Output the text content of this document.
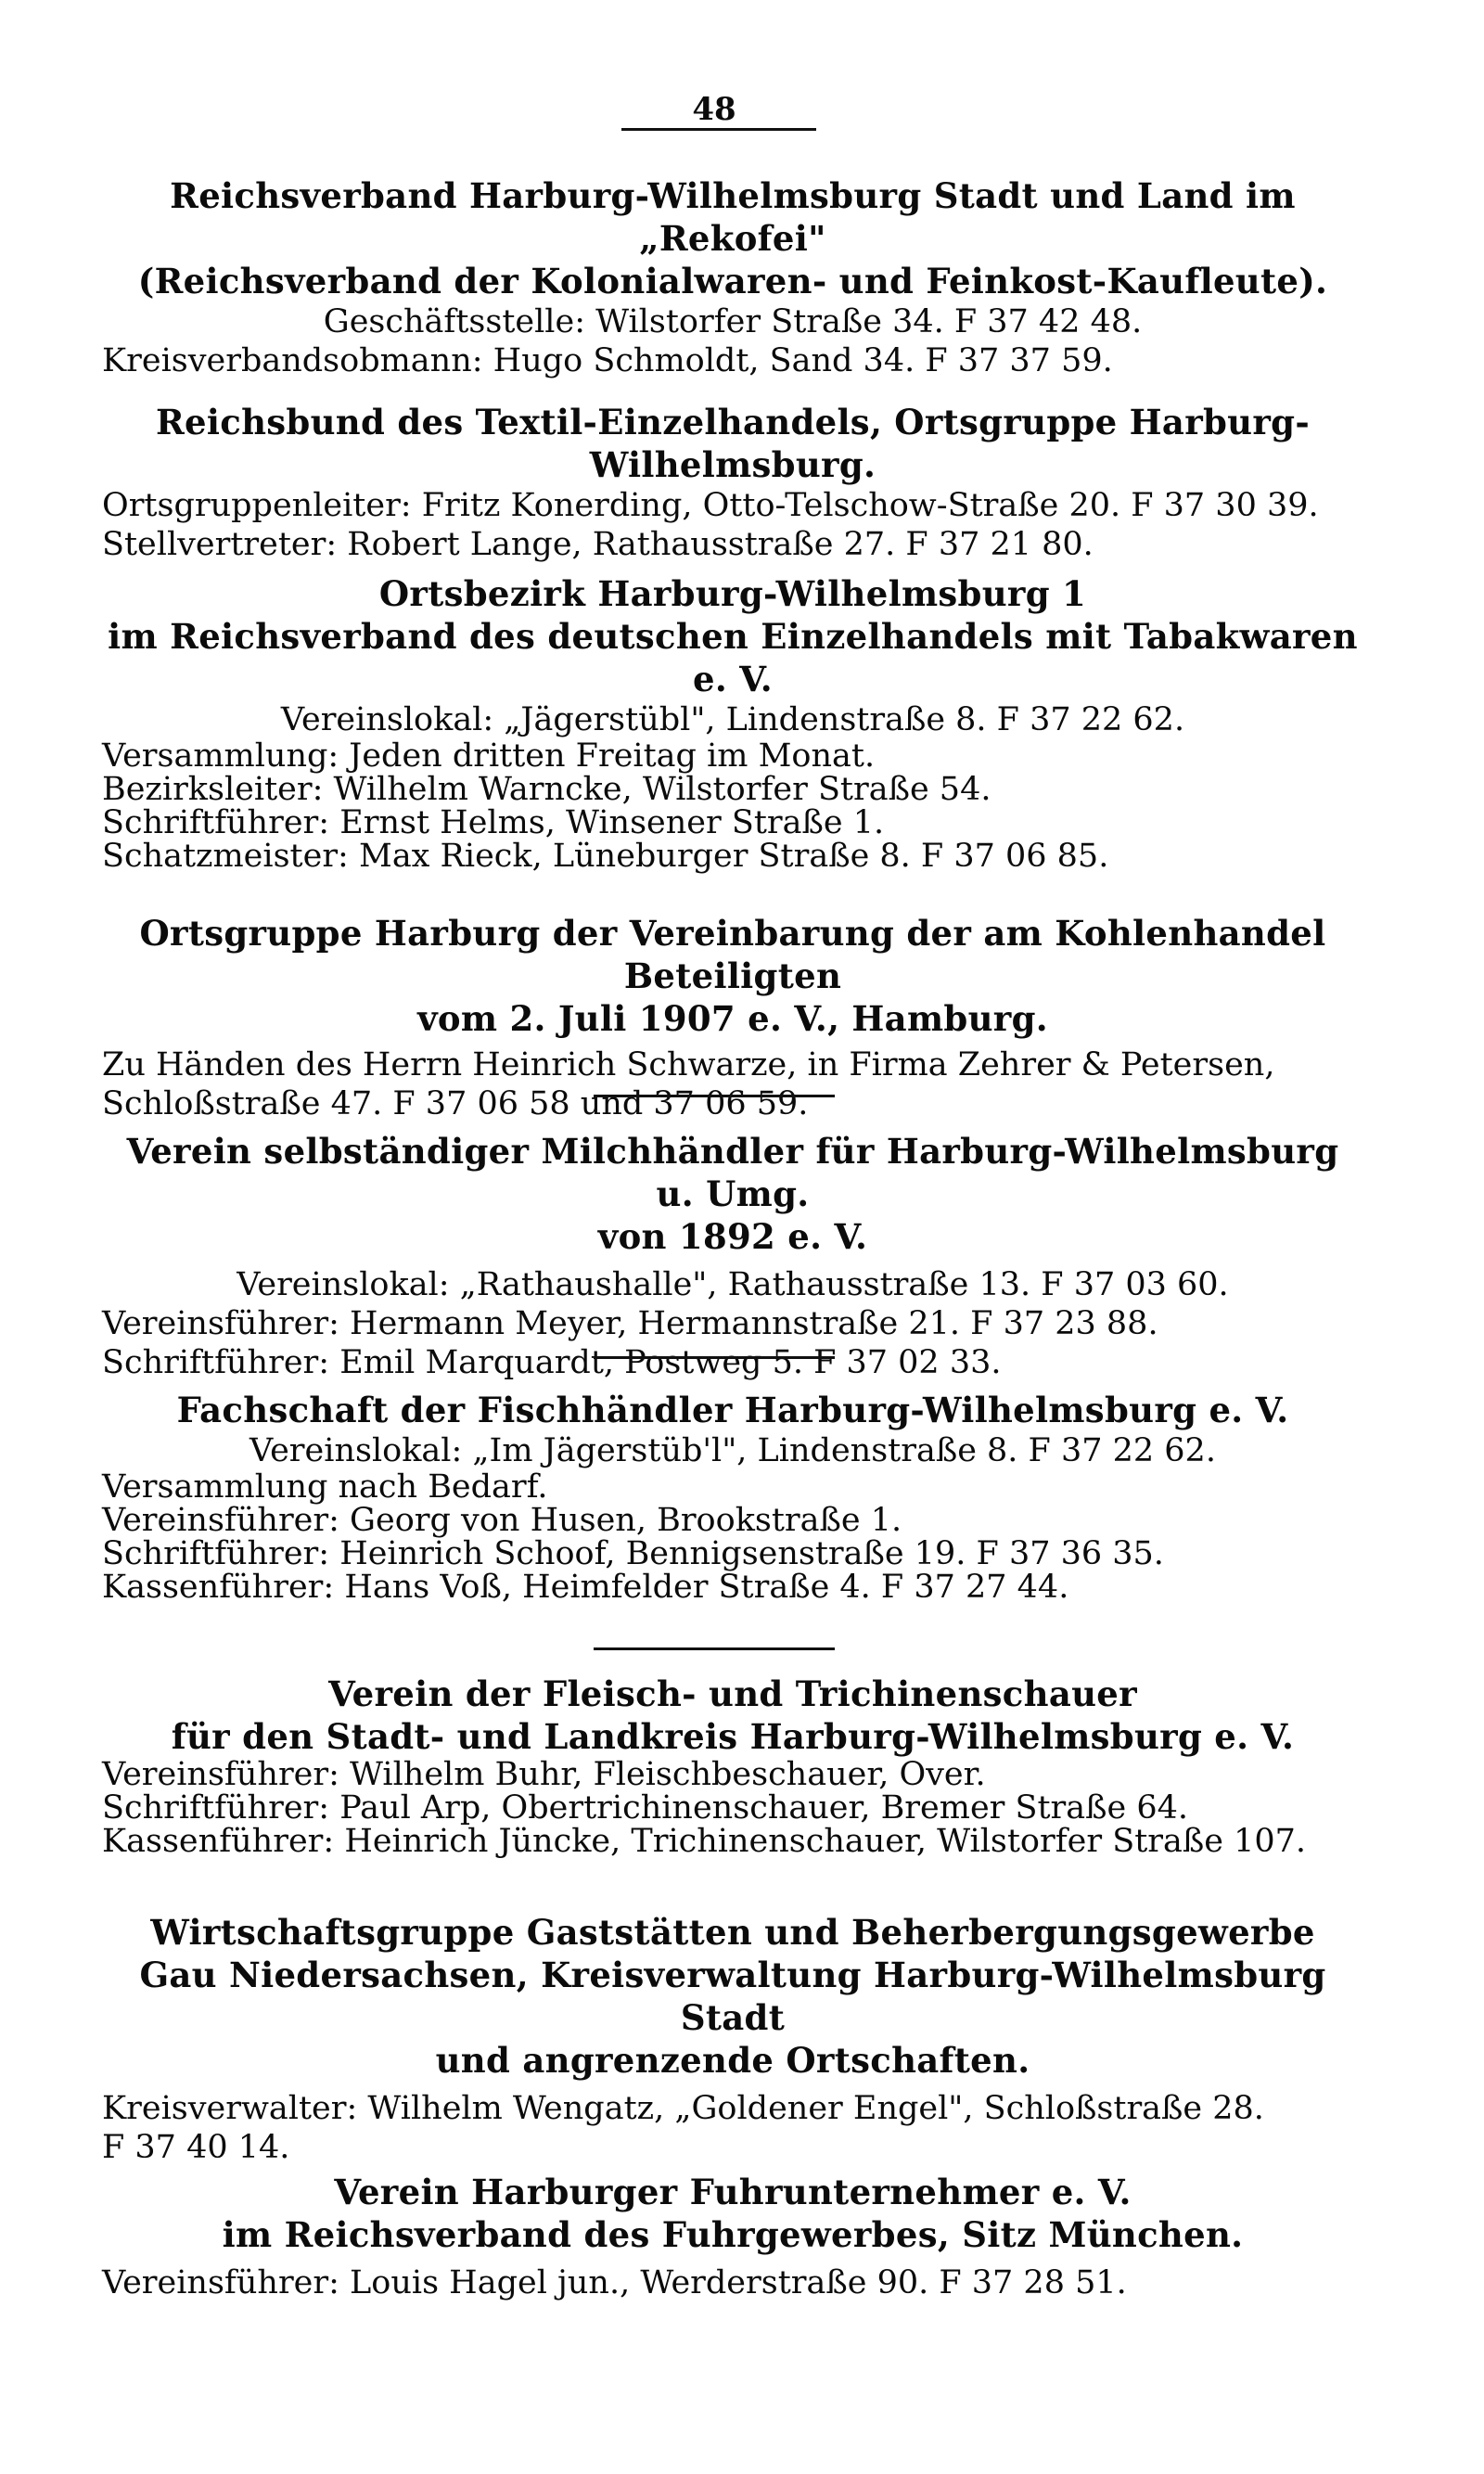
48
Reichsverband Harburg-Wilhelmsburg Stadt und Land im „Rekofei"
(Reichsverband der Kolonialwaren- und Feinkost-Kaufleute).
Geschäftsstelle: Wilstorfer Straße 34. F 37 42 48.
Kreisverbandsobmann: Hugo Schmoldt, Sand 34. F 37 37 59.
Reichsbund des Textil-Einzelhandels, Ortsgruppe Harburg-Wilhelmsburg.
Ortsgruppenleiter: Fritz Konerding, Otto-Telschow-Straße 20. F 37 30 39.
Stellvertreter: Robert Lange, Rathausstraße 27. F 37 21 80.
Ortsbezirk Harburg-Wilhelmsburg 1
im Reichsverband des deutschen Einzelhandels mit Tabakwaren e. V.
Vereinslokal: „Jägerstübl", Lindenstraße 8. F 37 22 62.
Versammlung: Jeden dritten Freitag im Monat.
Bezirksleiter: Wilhelm Warncke, Wilstorfer Straße 54.
Schriftführer: Ernst Helms, Winsener Straße 1.
Schatzmeister: Max Rieck, Lüneburger Straße 8. F 37 06 85.
Ortsgruppe Harburg der Vereinbarung der am Kohlenhandel Beteiligten
vom 2. Juli 1907 e. V., Hamburg.
Zu Händen des Herrn Heinrich Schwarze, in Firma Zehrer & Petersen,
Schloßstraße 47. F 37 06 58 und 37 06 59.
Verein selbständiger Milchhändler für Harburg-Wilhelmsburg u. Umg.
von 1892 e. V.
Vereinslokal: „Rathaushalle", Rathausstraße 13. F 37 03 60.
Vereinsführer: Hermann Meyer, Hermannstraße 21. F 37 23 88.
Schriftführer: Emil Marquardt, Postweg 5. F 37 02 33.
Fachschaft der Fischhändler Harburg-Wilhelmsburg e. V.
Vereinslokal: „Im Jägerstüb'l", Lindenstraße 8. F 37 22 62.
Versammlung nach Bedarf.
Vereinsführer: Georg von Husen, Brookstraße 1.
Schriftführer: Heinrich Schoof, Bennigsenstraße 19. F 37 36 35.
Kassenführer: Hans Voß, Heimfelder Straße 4. F 37 27 44.
Verein der Fleisch- und Trichinenschauer
für den Stadt- und Landkreis Harburg-Wilhelmsburg e. V.
Vereinsführer: Wilhelm Buhr, Fleischbeschauer, Over.
Schriftführer: Paul Arp, Obertrichinenschauer, Bremer Straße 64.
Kassenführer: Heinrich Jüncke, Trichinenschauer, Wilstorfer Straße 107.
Wirtschaftsgruppe Gaststätten und Beherbergungsgewerbe
Gau Niedersachsen, Kreisverwaltung Harburg-Wilhelmsburg Stadt
und angrenzende Ortschaften.
Kreisverwalter: Wilhelm Wengatz, „Goldener Engel", Schloßstraße 28.
F 37 40 14.
Verein Harburger Fuhrunternehmer e. V.
im Reichsverband des Fuhrgewerbes, Sitz München.
Vereinsführer: Louis Hagel jun., Werderstraße 90. F 37 28 51.
